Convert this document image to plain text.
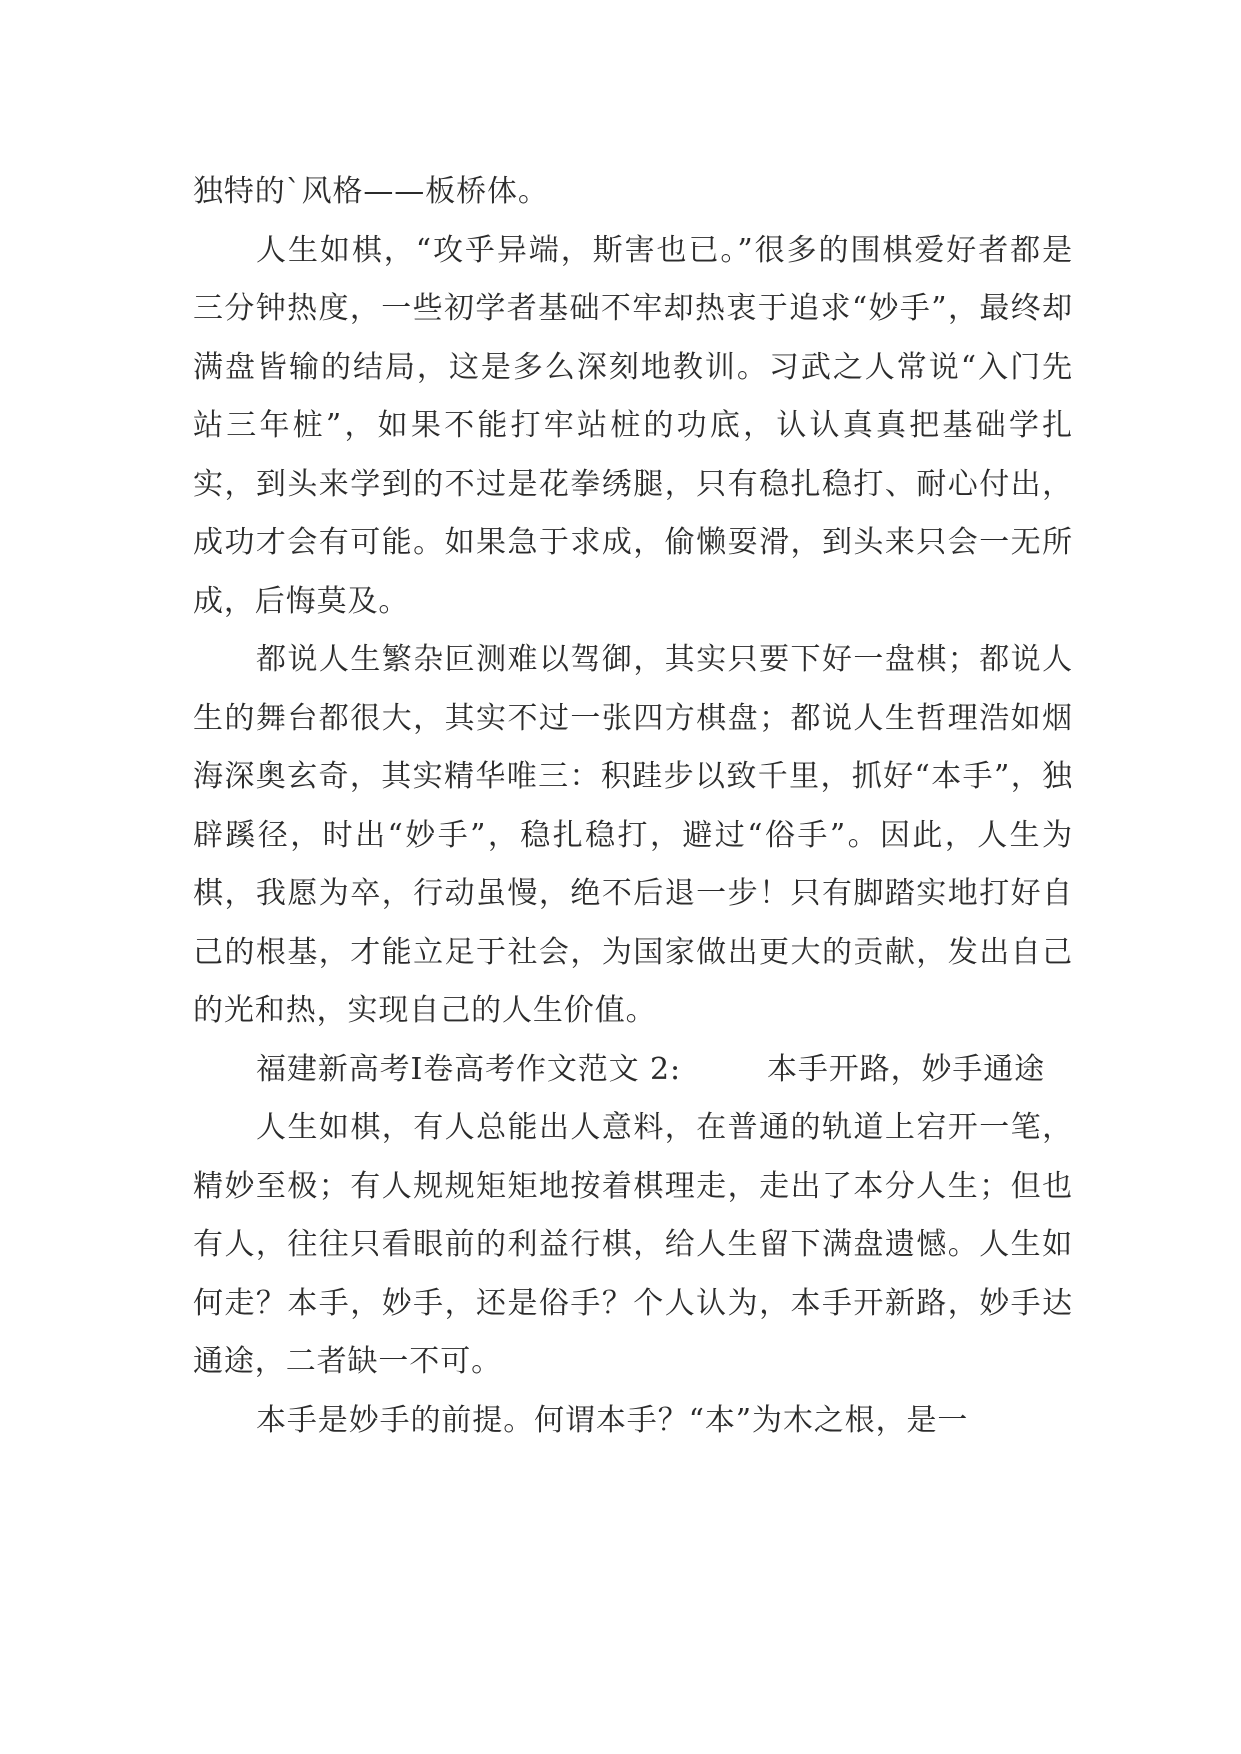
独特的`风格——板桥体。

人生如棋，“攻乎异端，斯害也已。”很多的围棋爱好者都是三分钟热度，一些初学者基础不牢却热衷于追求“妙手”，最终却满盘皆输的结局，这是多么深刻地教训。习武之人常说“入门先站三年桩”，如果不能打牢站桩的功底，认认真真把基础学扎实，到头来学到的不过是花拳绣腿，只有稳扎稳打、耐心付出，成功才会有可能。如果急于求成，偷懒耍滑，到头来只会一无所成，后悔莫及。

都说人生繁杂叵测难以驾御，其实只要下好一盘棋；都说人生的舞台都很大，其实不过一张四方棋盘；都说人生哲理浩如烟海深奥玄奇，其实精华唯三：积跬步以致千里，抓好“本手”，独辟蹊径，时出“妙手”，稳扎稳打，避过“俗手”。因此，人生为棋，我愿为卒，行动虽慢，绝不后退一步！只有脚踏实地打好自己的根基，才能立足于社会，为国家做出更大的贡献，发出自己的光和热，实现自己的人生价值。

福建新高考Ⅰ卷高考作文范文 2:	本手开路，妙手通途

人生如棋，有人总能出人意料，在普通的轨道上宕开一笔，精妙至极；有人规规矩矩地按着棋理走，走出了本分人生；但也有人，往往只看眼前的利益行棋，给人生留下满盘遗憾。人生如何走？本手，妙手，还是俗手？个人认为，本手开新路，妙手达通途，二者缺一不可。

本手是妙手的前提。何谓本手？“本”为木之根，是一
